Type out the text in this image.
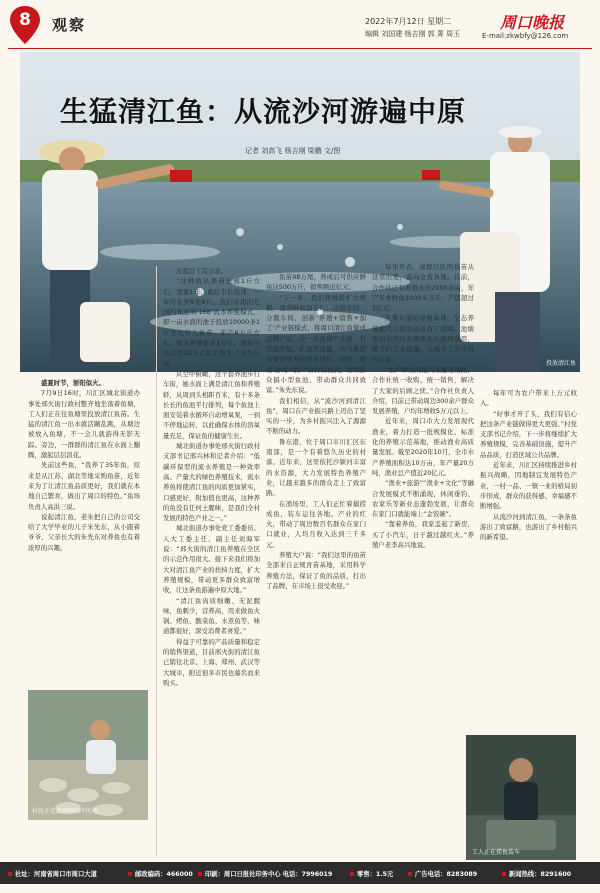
8	观察	2022年7月12日 星期二
编辑 刘国建 杨吉刚 郭 菁 周玉
周口晚报
E-mail:zkwbfy@126.com
投放清江鱼
生猛清江鱼：从流沙河游遍中原
记者 刘高飞 杨吉刚 梁鹏 文/图

盛夏时节，骄阳似火。

7月9日16时，川汇区城北街道办事处邢火街行政村整齐地坐落着鱼塘，工人们正在往鱼塘里投放清江鱼苗。生猛的清江鱼一出水就活蹦乱跳，从塘边被放入鱼塘，不一会儿就游得无影无踪。旁边，一群群的清江鱼在水面上翻腾，激起层层浪花。

先前这些鱼，“我养了35年鱼，原来是从江苏、湖北等地采购鱼苗，近年来为了让清江鱼品质更好，我们就在本地自己繁育，做出了周口的特色。”鱼场负责人高洪三说。

说起清江鱼，老朱把自己的公司交给了大学毕业的儿子朱先东，从小跟着爷爷、父亲长大的朱先东对养鱼也有着浓厚的兴趣。

还超过了其父亲。

“这种鱼从养苗长到1斤左右，需要1年，此后生长迅速，一年可长到6至8斤。我们采用的是国内先进的‘168’流水养殖模式，即一亩水面的池子投放10000条1斤左右的大鱼苗，年产6万斤左右，原来养殖最多1万斤，现在可以达到20万元甚至更多。”朱先东说。

从空中俯瞰，这个套养池步行车街，她水面上满是清江鱼和养殖虾，从周到头相距百米，有十多条长长的鱼池平行排列，每个鱼池上面安装着水循环自动增氧泵，一到不停地运转，以此确保水体的溶氧量充足，保证鱼的健康生长。

城北街道办事处邢火街行政村支部书记邢兴林和记者介绍：“低碳环保型的流水养殖是一种效率高、产量大的绿色养殖技术，流水养鱼将使清江鱼的肉质更加紧实，口感更好，附加值也更高，这种养的鱼没有任何土腥味，是我们全村发展的特色产业之一。”

城北街道办事处党工委委员、人大工委主任、副主任刘海军说：“邢火街的清江鱼养殖在全区的示范作用很大。接下来我们将加大对清江鱼产业的扶持力度，扩大养殖规模，带动更多群众致富增收，让这条鱼游遍中原大地。”

“清江鱼肉质细嫩、无泥腥味，鱼刺少，营养高，用来做鱼火锅、烤鱼、酸菜鱼、水煮鱼等，味道都很好，深受消费者喜爱。”

得益于可靠的产品质量和稳定的销售渠道，目前邢火街的清江鱼已销往北京、上海、郑州、武汉等大城市，附近很多市民也慕名而来购买。

鱼苗98万尾，养成后可供应鲜鱼达500万斤，销售额近亿元。

“下一步，我们将继续扩大规模，建造鲜鱼加工厂，冷链车间、分割车间，创新‘养殖+销售+加工’产业链模式，将周口清江鱼做成品牌产品，进一步延伸产业链，打造销售链，扩展渠道链，为当地群众提供更多的就业岗位。同时，探索‘公司+农户’合作社模式，引领群众搞小型鱼池、带动群众共同致富。”朱先东说。

我们相信，从“流沙河到清江鱼”，周口在产业振兴路上迈出了坚实的一步，为乡村振兴注入了源源不断的动力。

鲁东港，位于周口市川汇区东南部，是一个有着悠久历史的村落。近年来，这里依托沙颍河丰富的水资源，大力发展特色养殖产业，让越来越多的群众走上了致富路。

在渔场里，工人们正忙着捕捞成鱼，装车运往各地。产业的红火，带动了周边数百名群众在家门口就业，人均月收入达到三千多元。

养殖大户说：“我们这里的鱼苗全部来自正规育苗基地，采用科学养殖方法，保证了鱼的品质，打出了品牌，在市场上很受欢迎。”

每年开春，成群结队的鱼苗从这里出发，游向全省各地。目前，合作社已有养殖水面2000余亩，年产各类鲜鱼1000多万斤，产值超过1亿元。

在鲁东港的养殖基地，生态养殖模式让鱼的品质有了保障。池塘里的水经过多级净化后循环利用，既节约了水资源，又减少了对环境的污染。

“农户养鱼的最大难题是销路，合作社统一收购、统一销售，解决了大家的后顾之忧。”合作社负责人介绍，目前已带动周边300余户群众发展养殖，户均年增收5万元以上。

近年来，周口市大力发展现代渔业，着力打造一批规模化、标准化的养殖示范基地，推动渔业高质量发展。截至2020年10月，全市水产养殖面积达10万亩，年产量20万吨，渔业总产值近20亿元。

“渔业+旅游”“渔业+文化”等融合发展模式不断涌现，休闲垂钓、农家乐等新业态蓬勃发展，让群众在家门口就能端上“金饭碗”。

“靠着养鱼，我家盖起了新房，买了小汽车，日子越过越红火。”养殖户老李高兴地说。

每年可为农户带来上万元收入。

“好事才开了头，我们有信心把这条产业链做得更大更强。”村党支部书记介绍，下一步将继续扩大养殖规模，完善基础设施，提升产品品质，打造区域公共品牌。

近年来，川汇区持续推进乡村振兴战略，因地制宜发展特色产业，一村一品、一镇一业的格局初步形成，群众的获得感、幸福感不断增强。

从流沙河到清江鱼，一条条鱼游出了致富路，也游出了乡村振兴的新希望。

村民正在清理网箱中的鱼
工人正在捞鱼装车
社址：河南省周口市周口大道	邮政编码：466000	印刷：周口日报社印务中心 电话：7996019	零售：1.5元	广告电话：8283089	新闻热线：8291600
